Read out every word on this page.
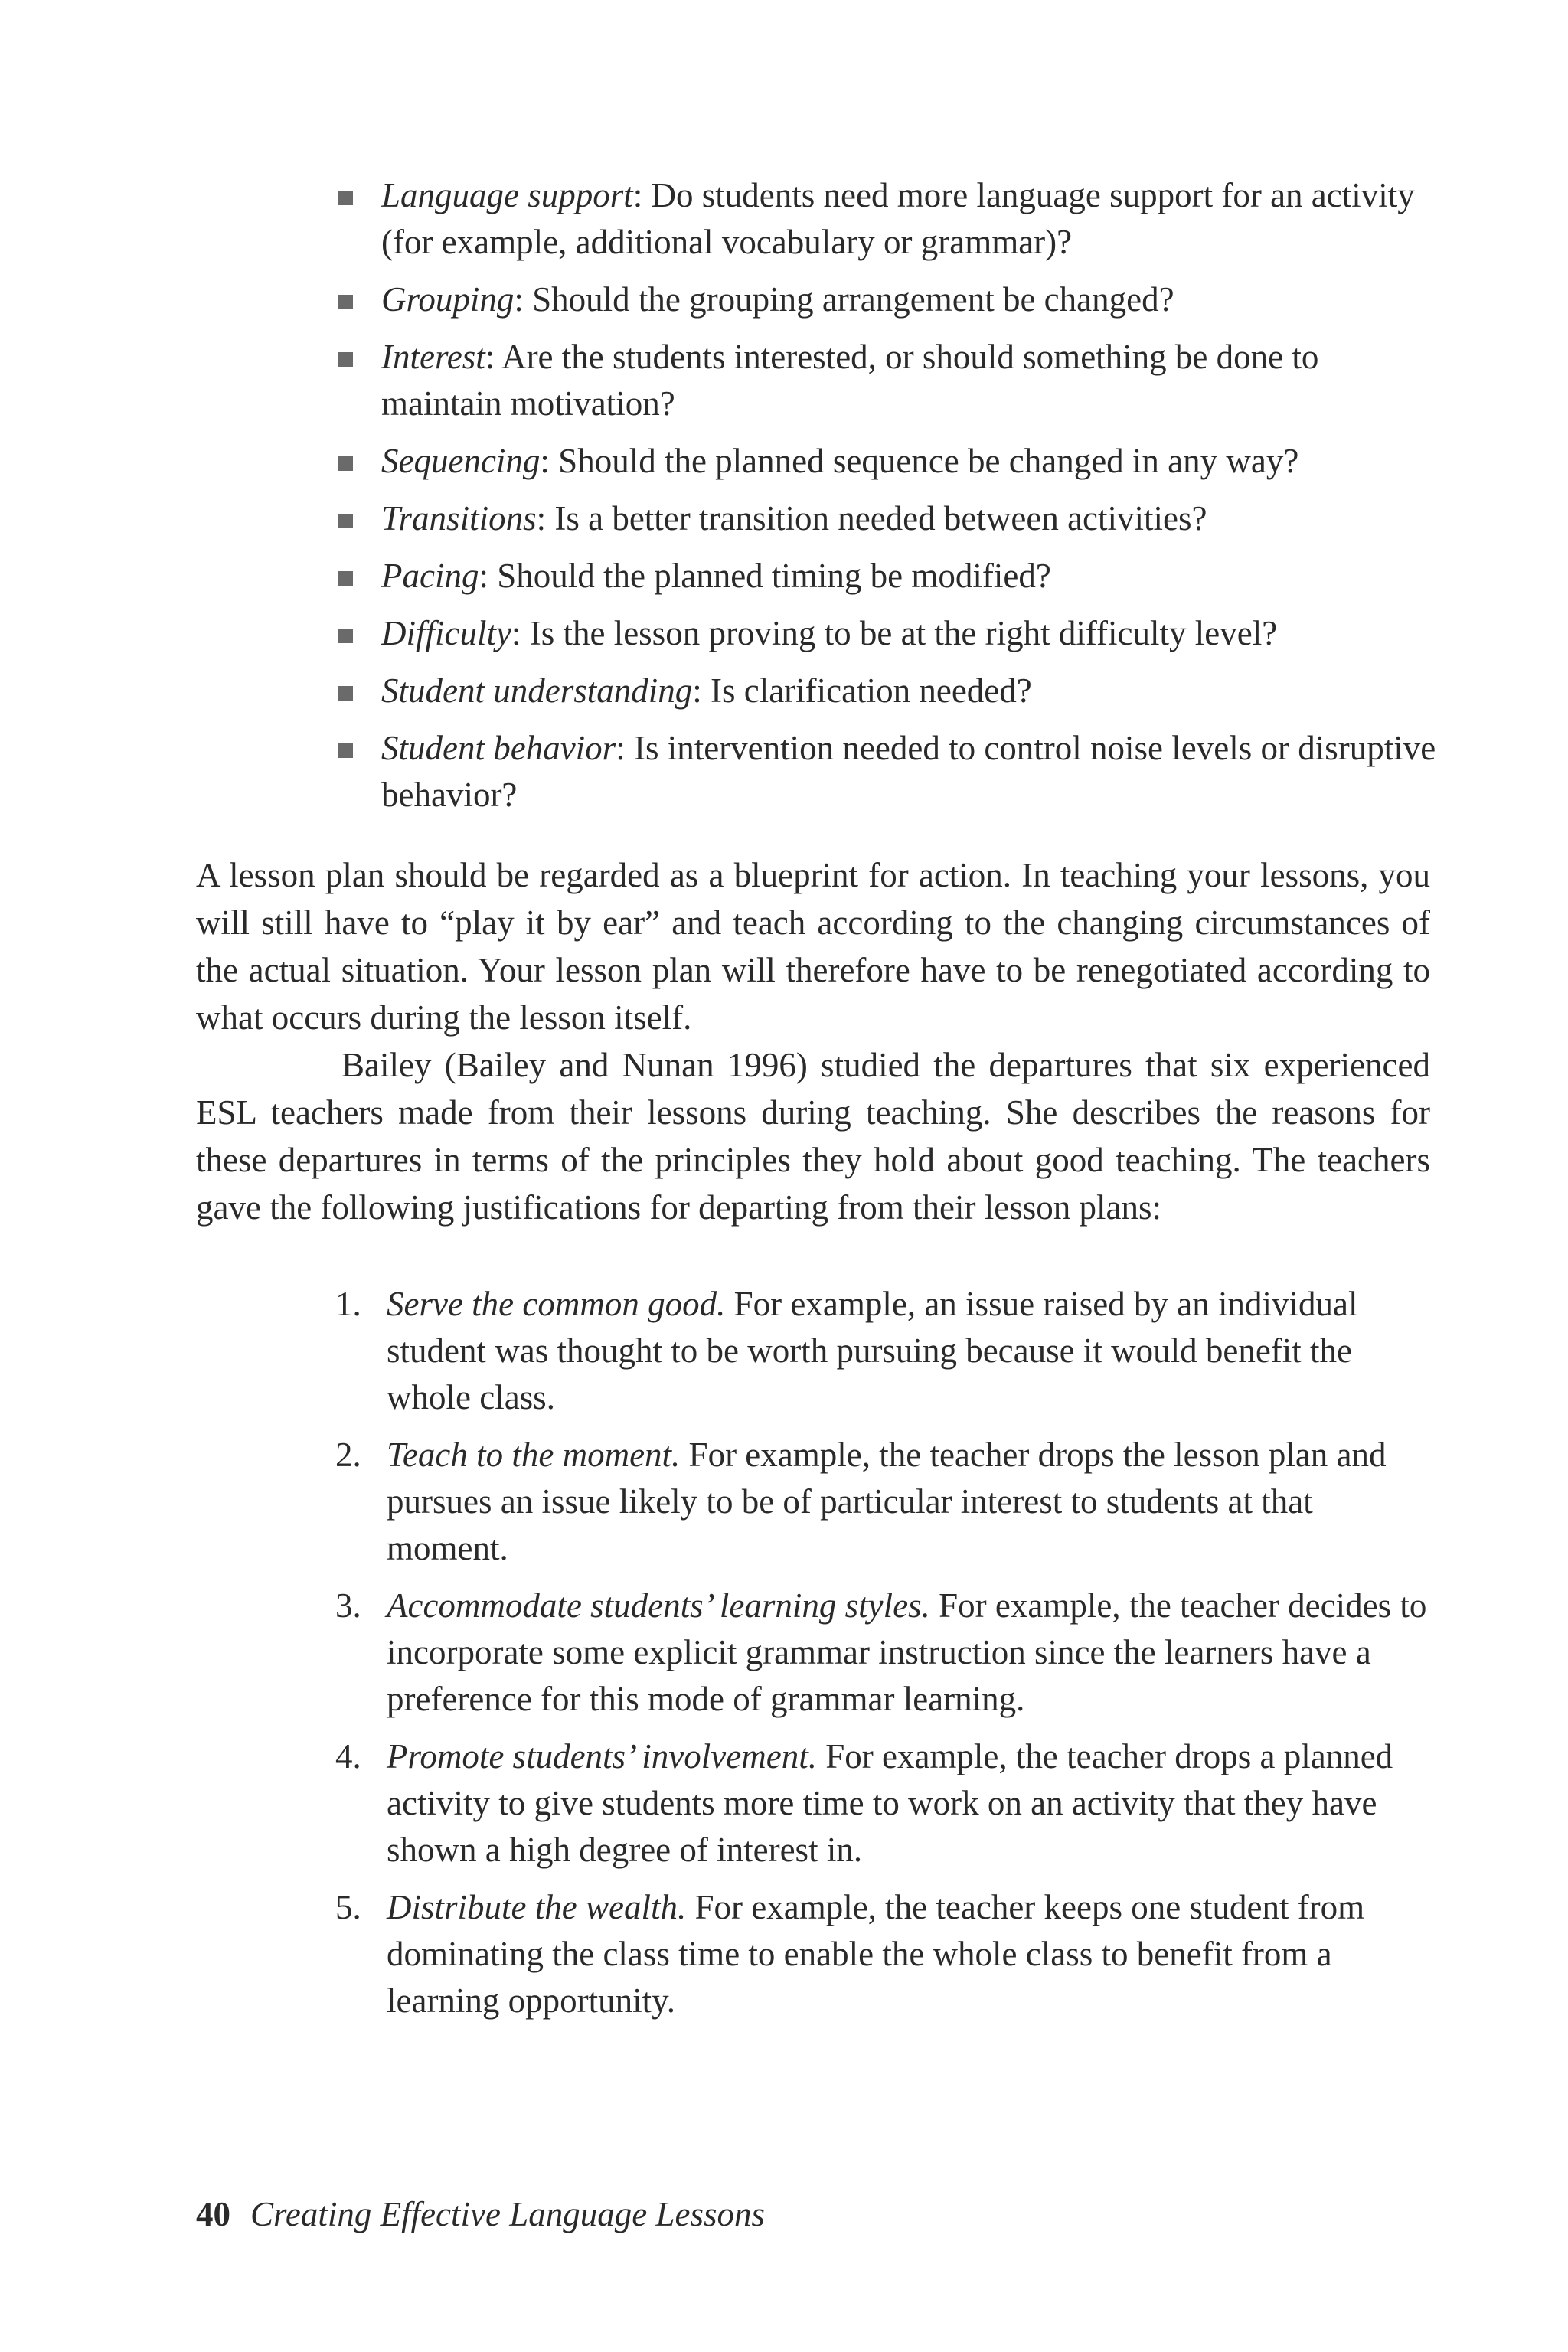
Language support: Do students need more language support for an activity (for example, additional vocabulary or grammar)?
Grouping: Should the grouping arrangement be changed?
Interest: Are the students interested, or should something be done to maintain motivation?
Sequencing: Should the planned sequence be changed in any way?
Transitions: Is a better transition needed between activities?
Pacing: Should the planned timing be modified?
Difficulty: Is the lesson proving to be at the right difficulty level?
Student understanding: Is clarification needed?
Student behavior: Is intervention needed to control noise levels or disruptive behavior?

A lesson plan should be regarded as a blueprint for action. In teaching your lessons, you will still have to “play it by ear” and teach according to the changing circumstances of the actual situation. Your lesson plan will therefore have to be renegotiated according to what occurs during the lesson itself.

Bailey (Bailey and Nunan 1996) studied the departures that six experienced ESL teachers made from their lessons during teaching. She describes the reasons for these departures in terms of the principles they hold about good teaching. The teachers gave the following justifications for departing from their lesson plans:

1. Serve the common good. For example, an issue raised by an individual student was thought to be worth pursuing because it would benefit the whole class.
2. Teach to the moment. For example, the teacher drops the lesson plan and pursues an issue likely to be of particular interest to students at that moment.
3. Accommodate students’ learning styles. For example, the teacher decides to incorporate some explicit grammar instruction since the learners have a preference for this mode of grammar learning.
4. Promote students’ involvement. For example, the teacher drops a planned activity to give students more time to work on an activity that they have shown a high degree of interest in.
5. Distribute the wealth. For example, the teacher keeps one student from dominating the class time to enable the whole class to benefit from a learning opportunity.
40 Creating Effective Language Lessons
